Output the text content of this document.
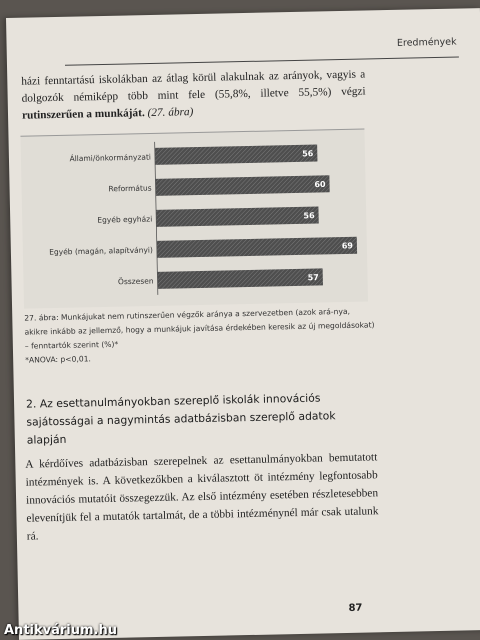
Eredmények
házi fenntartású iskolákban az átlag körül alakulnak az arányok, vagyis a dolgozók némiképp több mint fele (55,8%, illetve 55,5%) végzi rutinszerűen a munkáját. (27. ábra)
Állami/önkormányzati	56
Református	60
Egyéb egyházi	56
Egyéb (magán, alapítványi)	69
Összesen	57
27. ábra: Munkájukat nem rutinszerűen végzők aránya a szervezetben (azok ará-nya, akikre inkább az jellemző, hogy a munkájuk javítása érdekében keresik az új megoldásokat) – fenntartók szerint (%)*
*ANOVA: p<0,01.
2. Az esettanulmányokban szereplő iskolák innovációs sajátosságai a nagymintás adatbázisban szereplő adatok alapján
A kérdőíves adatbázisban szerepelnek az esettanulmányokban bemutatott intézmények is. A következőkben a kiválasztott öt intézmény legfontosabb innovációs mutatóit összegezzük. Az első intézmény esetében részletesebben elevenítjük fel a mutatók tartalmát, de a többi intézménynél már csak utalunk rá.
87
Antikvárium.hu
